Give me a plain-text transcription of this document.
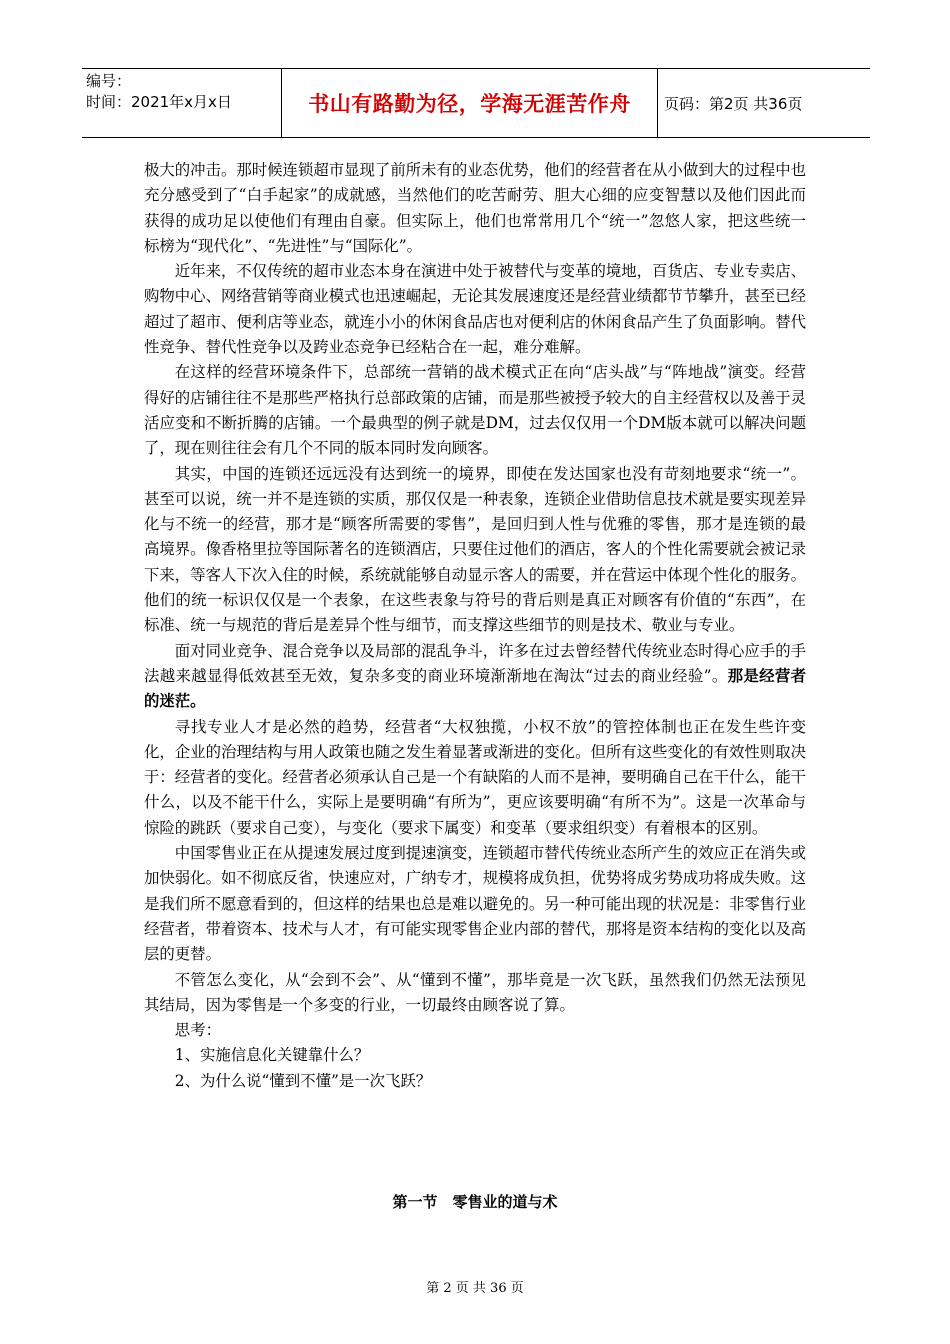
编号：
时间：2021年x月x日	书山有路勤为径，学海无涯苦作舟	页码：第2页 共36页

极大的冲击。那时候连锁超市显现了前所未有的业态优势，他们的经营者在从小做到大的过程中也充分感受到了“白手起家”的成就感，当然他们的吃苦耐劳、胆大心细的应变智慧以及他们因此而获得的成功足以使他们有理由自豪。但实际上，他们也常常用几个“统一”忽悠人家，把这些统一标榜为“现代化”、“先进性”与“国际化”。

近年来，不仅传统的超市业态本身在演进中处于被替代与变革的境地，百货店、专业专卖店、购物中心、网络营销等商业模式也迅速崛起，无论其发展速度还是经营业绩都节节攀升，甚至已经超过了超市、便利店等业态，就连小小的休闲食品店也对便利店的休闲食品产生了负面影响。替代性竞争、替代性竞争以及跨业态竞争已经粘合在一起，难分难解。

在这样的经营环境条件下，总部统一营销的战术模式正在向“店头战”与“阵地战”演变。经营得好的店铺往往不是那些严格执行总部政策的店铺，而是那些被授予较大的自主经营权以及善于灵活应变和不断折腾的店铺。一个最典型的例子就是DM，过去仅仅用一个DM版本就可以解决问题了，现在则往往会有几个不同的版本同时发向顾客。

其实，中国的连锁还远远没有达到统一的境界，即使在发达国家也没有苛刻地要求“统一”。甚至可以说，统一并不是连锁的实质，那仅仅是一种表象，连锁企业借助信息技术就是要实现差异化与不统一的经营，那才是“顾客所需要的零售”，是回归到人性与优雅的零售，那才是连锁的最高境界。像香格里拉等国际著名的连锁酒店，只要住过他们的酒店，客人的个性化需要就会被记录下来，等客人下次入住的时候，系统就能够自动显示客人的需要，并在营运中体现个性化的服务。他们的统一标识仅仅是一个表象，在这些表象与符号的背后则是真正对顾客有价值的“东西”，在标准、统一与规范的背后是差异个性与细节，而支撑这些细节的则是技术、敬业与专业。

面对同业竞争、混合竞争以及局部的混乱争斗，许多在过去曾经替代传统业态时得心应手的手法越来越显得低效甚至无效，复杂多变的商业环境渐渐地在淘汰“过去的商业经验”。那是经营者的迷茫。

寻找专业人才是必然的趋势，经营者“大权独揽，小权不放”的管控体制也正在发生些许变化，企业的治理结构与用人政策也随之发生着显著或渐进的变化。但所有这些变化的有效性则取决于：经营者的变化。经营者必须承认自己是一个有缺陷的人而不是神，要明确自己在干什么，能干什么，以及不能干什么，实际上是要明确“有所为”，更应该要明确“有所不为”。这是一次革命与惊险的跳跃（要求自己变），与变化（要求下属变）和变革（要求组织变）有着根本的区别。

中国零售业正在从提速发展过度到提速演变，连锁超市替代传统业态所产生的效应正在消失或加快弱化。如不彻底反省，快速应对，广纳专才，规模将成负担，优势将成劣势成功将成失败。这是我们所不愿意看到的，但这样的结果也总是难以避免的。另一种可能出现的状况是：非零售行业经营者，带着资本、技术与人才，有可能实现零售企业内部的替代，那将是资本结构的变化以及高层的更替。

不管怎么变化，从“会到不会”、从“懂到不懂”，那毕竟是一次飞跃，虽然我们仍然无法预见其结局，因为零售是一个多变的行业，一切最终由顾客说了算。

思考：

1、实施信息化关键靠什么？

2、为什么说“懂到不懂”是一次飞跃？

第一节　零售业的道与术
第 2 页 共 36 页
